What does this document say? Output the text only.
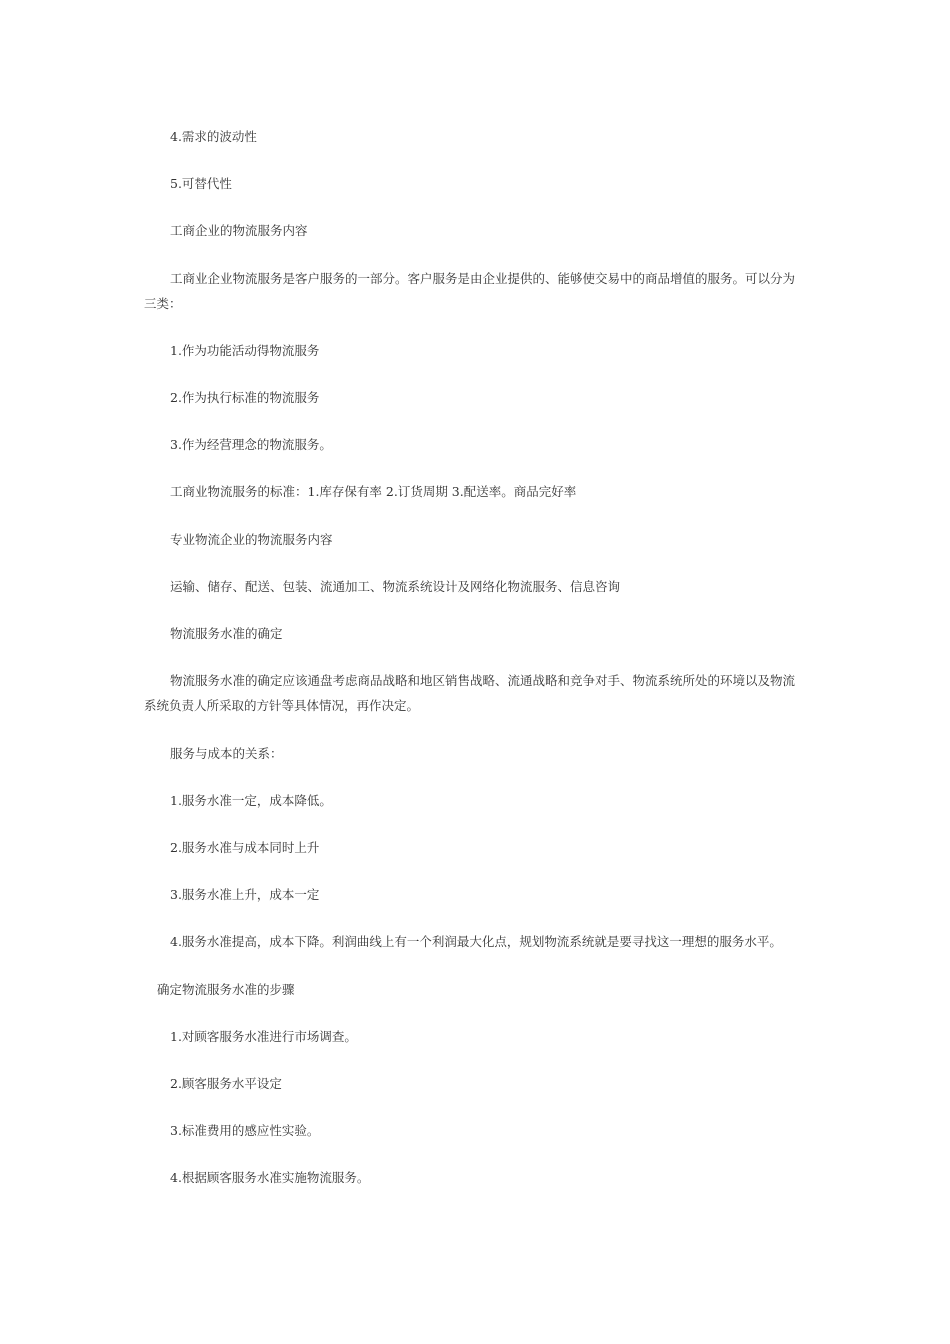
4.需求的波动性
5.可替代性
工商企业的物流服务内容
工商业企业物流服务是客户服务的一部分。客户服务是由企业提供的、能够使交易中的商品增值的服务。可以分为三类：
1.作为功能活动得物流服务
2.作为执行标准的物流服务
3.作为经营理念的物流服务。
工商业物流服务的标准：1.库存保有率 2.订货周期 3.配送率。商品完好率
专业物流企业的物流服务内容
运输、储存、配送、包装、流通加工、物流系统设计及网络化物流服务、信息咨询
物流服务水准的确定
物流服务水准的确定应该通盘考虑商品战略和地区销售战略、流通战略和竞争对手、物流系统所处的环境以及物流系统负责人所采取的方针等具体情况，再作决定。
服务与成本的关系：
1.服务水准一定，成本降低。
2.服务水准与成本同时上升
3.服务水准上升，成本一定
4.服务水准提高，成本下降。利润曲线上有一个利润最大化点，规划物流系统就是要寻找这一理想的服务水平。
确定物流服务水准的步骤
1.对顾客服务水准进行市场调查。
2.顾客服务水平设定
3.标准费用的感应性实验。
4.根据顾客服务水准实施物流服务。
